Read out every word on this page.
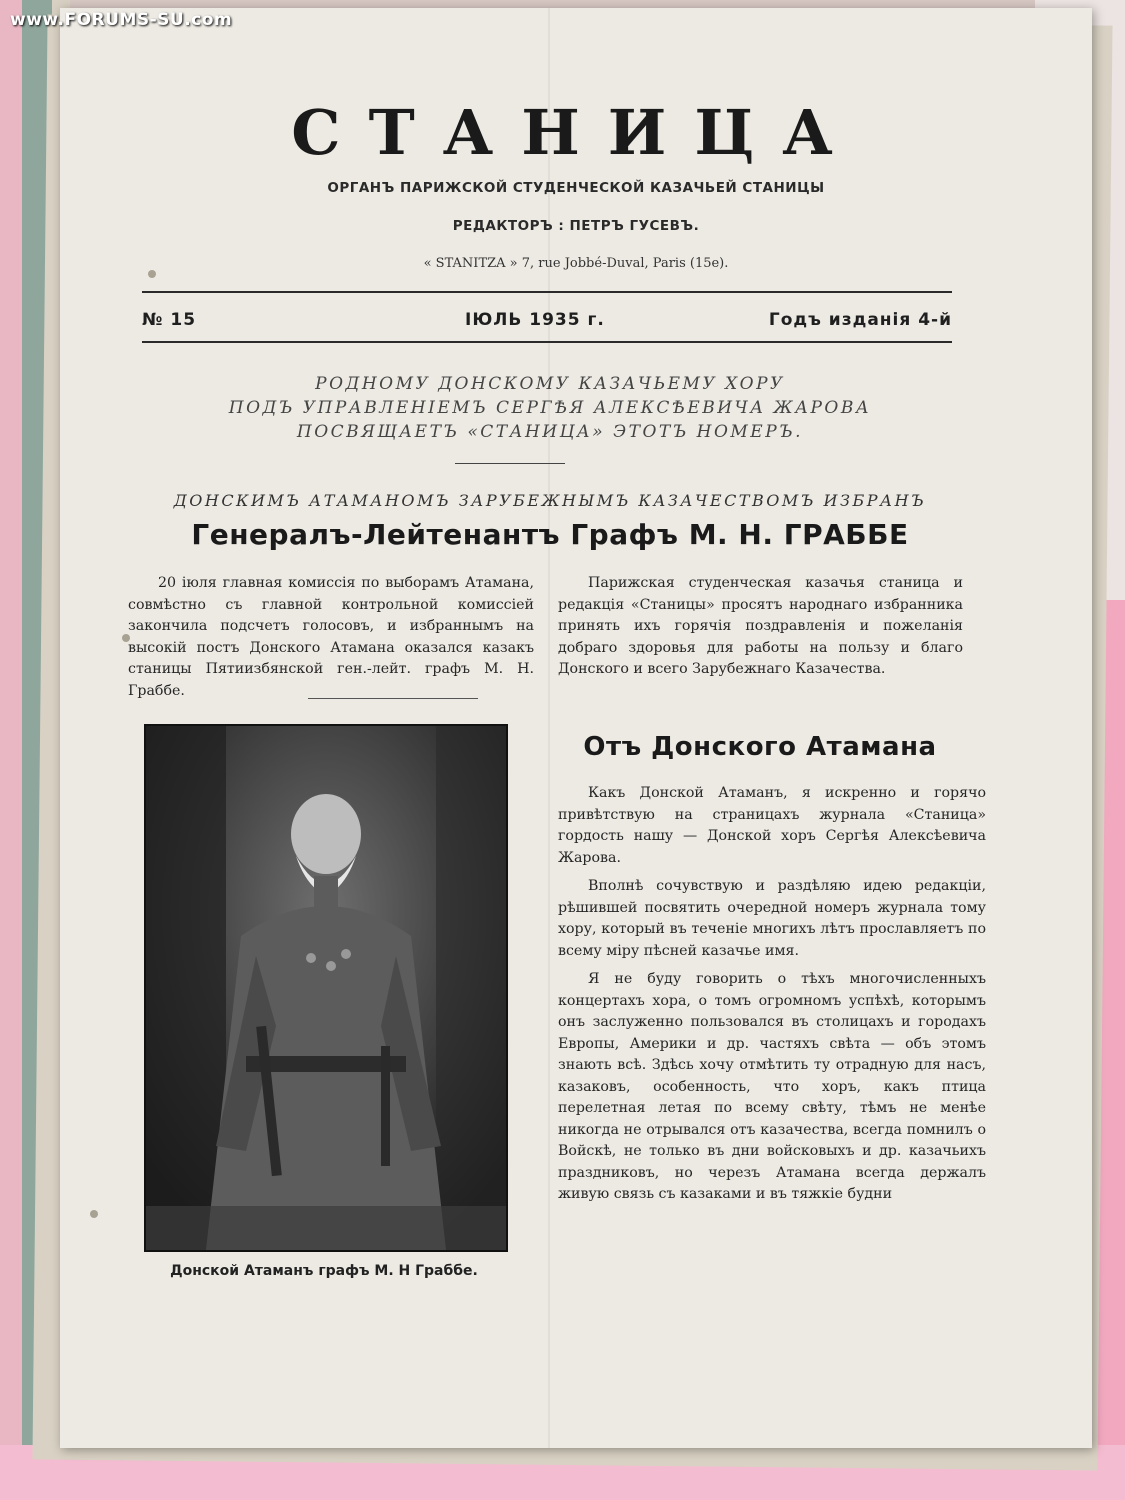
www.FORUMS-SU.com
СТАНИЦА
ОРГАНЪ ПАРИЖСКОЙ СТУДЕНЧЕСКОЙ КАЗАЧЬЕЙ СТАНИЦЫ
РЕДАКТОРЪ : ПЕТРЪ ГУСЕВЪ.
« STANITZA » 7, rue Jobbé-Duval, Paris (15e).
№ 15	ІЮЛЬ 1935 г.	Годъ изданія 4-й
РОДНОМУ ДОНСКОМУ КАЗАЧЬЕМУ ХОРУ
ПОДЪ УПРАВЛЕНІЕМЪ СЕРГѢЯ АЛЕКСѢЕВИЧА ЖАРОВА
ПОСВЯЩАЕТЪ «СТАНИЦА» ЭТОТЪ НОМЕРЪ.
ДОНСКИМЪ АТАМАНОМЪ ЗАРУБЕЖНЫМЪ КАЗАЧЕСТВОМЪ ИЗБРАНЪ
Генералъ-Лейтенантъ Графъ М. Н. ГРАББЕ

20 іюля главная комиссія по выборамъ Атамана, совмѣстно съ главной контрольной комиссіей закончила подсчетъ голосовъ, и избраннымъ на высокій постъ Донского Атамана оказался казакъ станицы Пятиизбянской ген.-лейт. графъ М. Н. Граббе.

Парижская студенческая казачья станица и редакція «Станицы» просятъ народнаго избранника принять ихъ горячія поздравленія и пожеланія добраго здоровья для работы на пользу и благо Донского и всего Зарубежнаго Казачества.

Донской Атаманъ графъ М. Н Граббе.
Отъ Донского Атамана

Какъ Донской Атаманъ, я искренно и горячо привѣтствую на страницахъ журнала «Станица» гордость нашу — Донской хоръ Сергѣя Алексѣевича Жарова.

Вполнѣ сочувствую и раздѣляю идею редакціи, рѣшившей посвятить очередной номеръ журнала тому хору, который въ теченіе многихъ лѣтъ прославляетъ по всему міру пѣсней казачье имя.

Я не буду говорить о тѣхъ многочисленныхъ концертахъ хора, о томъ огромномъ успѣхѣ, которымъ онъ заслуженно пользовался въ столицахъ и городахъ Европы, Америки и др. частяхъ свѣта — объ этомъ знають всѣ. Здѣсь хочу отмѣтить ту отрадную для насъ, казаковъ, особенность, что хоръ, какъ птица перелетная летая по всему свѣту, тѣмъ не менѣе никогда не отрывался отъ казачества, всегда помнилъ о Войскѣ, не только въ дни войсковыхъ и др. казачьихъ праздниковъ, но черезъ Атамана всегда держалъ живую связь съ казаками и въ тяжкіе будни
